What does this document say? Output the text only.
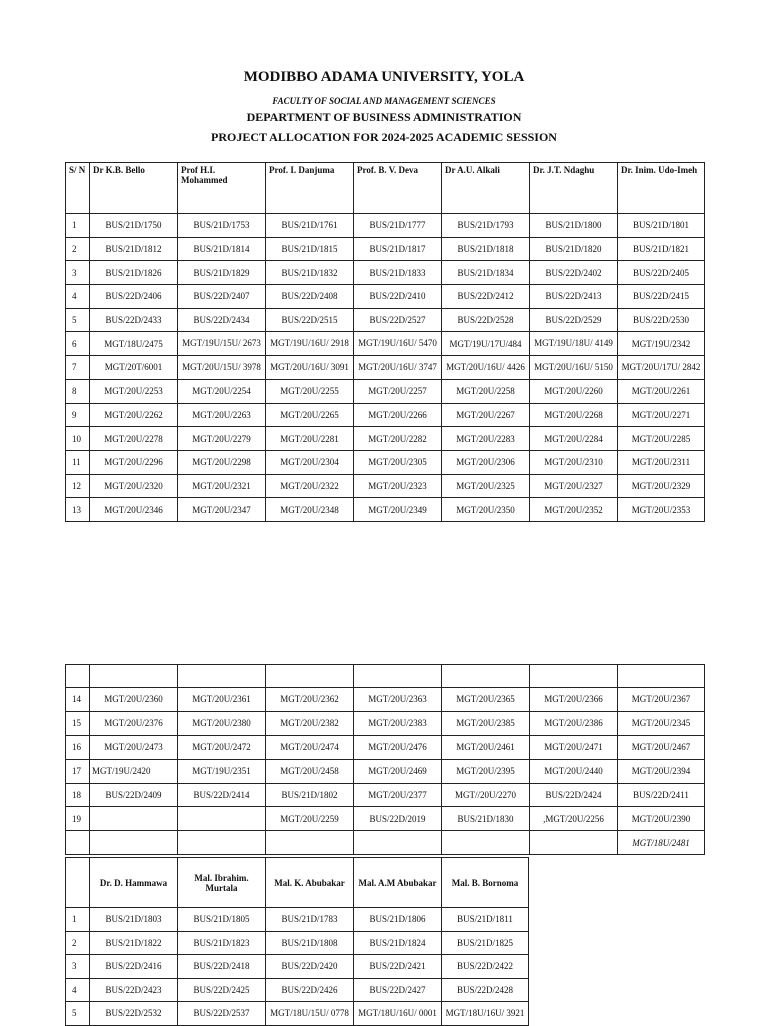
MODIBBO ADAMA UNIVERSITY, YOLA
FACULTY OF SOCIAL AND MANAGEMENT SCIENCES
DEPARTMENT OF BUSINESS ADMINISTRATION
PROJECT ALLOCATION FOR 2024-2025 ACADEMIC SESSION
S/ N	Dr K.B. Bello	Prof H.I. Mohammed	Prof. I. Danjuma	Prof. B. V. Deva	Dr A.U. Alkali	Dr. J.T. Ndaghu	Dr. Inim. Udo-Imeh
1	BUS/21D/1750	BUS/21D/1753	BUS/21D/1761	BUS/21D/1777	BUS/21D/1793	BUS/21D/1800	BUS/21D/1801
2	BUS/21D/1812	BUS/21D/1814	BUS/21D/1815	BUS/21D/1817	BUS/21D/1818	BUS/21D/1820	BUS/21D/1821
3	BUS/21D/1826	BUS/21D/1829	BUS/21D/1832	BUS/21D/1833	BUS/21D/1834	BUS/22D/2402	BUS/22D/2405
4	BUS/22D/2406	BUS/22D/2407	BUS/22D/2408	BUS/22D/2410	BUS/22D/2412	BUS/22D/2413	BUS/22D/2415
5	BUS/22D/2433	BUS/22D/2434	BUS/22D/2515	BUS/22D/2527	BUS/22D/2528	BUS/22D/2529	BUS/22D/2530
6	MGT/18U/2475	MGT/19U/15U/ 2673	MGT/19U/16U/ 2918	MGT/19U/16U/ 5470	MGT/19U/17U/484	MGT/19U/18U/ 4149	MGT/19U/2342
7	MGT/20T/6001	MGT/20U/15U/ 3978	MGT/20U/16U/ 3091	MGT/20U/16U/ 3747	MGT/20U/16U/ 4426	MGT/20U/16U/ 5150	MGT/20U/17U/ 2842
8	MGT/20U/2253	MGT/20U/2254	MGT/20U/2255	MGT/20U/2257	MGT/20U/2258	MGT/20U/2260	MGT/20U/2261
9	MGT/20U/2262	MGT/20U/2263	MGT/20U/2265	MGT/20U/2266	MGT/20U/2267	MGT/20U/2268	MGT/20U/2271
10	MGT/20U/2278	MGT/20U/2279	MGT/20U/2281	MGT/20U/2282	MGT/20U/2283	MGT/20U/2284	MGT/20U/2285
11	MGT/20U/2296	MGT/20U/2298	MGT/20U/2304	MGT/20U/2305	MGT/20U/2306	MGT/20U/2310	MGT/20U/2311
12	MGT/20U/2320	MGT/20U/2321	MGT/20U/2322	MGT/20U/2323	MGT/20U/2325	MGT/20U/2327	MGT/20U/2329
13	MGT/20U/2346	MGT/20U/2347	MGT/20U/2348	MGT/20U/2349	MGT/20U/2350	MGT/20U/2352	MGT/20U/2353

14	MGT/20U/2360	MGT/20U/2361	MGT/20U/2362	MGT/20U/2363	MGT/20U/2365	MGT/20U/2366	MGT/20U/2367
15	MGT/20U/2376	MGT/20U/2380	MGT/20U/2382	MGT/20U/2383	MGT/20U/2385	MGT/20U/2386	MGT/20U/2345
16	MGT/20U/2473	MGT/20U/2472	MGT/20U/2474	MGT/20U/2476	MGT/20U/2461	MGT/20U/2471	MGT/20U/2467
17	MGT/19U/2420	MGT/19U/2351	MGT/20U/2458	MGT/20U/2469	MGT/20U/2395	MGT/20U/2440	MGT/20U/2394
18	BUS/22D/2409	BUS/22D/2414	BUS/21D/1802	MGT/20U/2377	MGT//20U/2270	BUS/22D/2424	BUS/22D/2411
19			MGT/20U/2259	BUS/22D/2019	BUS/21D/1830	,MGT/20U/2256	MGT/20U/2390
							MGT/18U/2481
	Dr. D. Hammawa	Mal. Ibrahim. Murtala	Mal. K. Abubakar	Mal. A.M Abubakar	Mal. B. Bornoma
1	BUS/21D/1803	BUS/21D/1805	BUS/21D/1783	BUS/21D/1806	BUS/21D/1811
2	BUS/21D/1822	BUS/21D/1823	BUS/21D/1808	BUS/21D/1824	BUS/21D/1825
3	BUS/22D/2416	BUS/22D/2418	BUS/22D/2420	BUS/22D/2421	BUS/22D/2422
4	BUS/22D/2423	BUS/22D/2425	BUS/22D/2426	BUS/22D/2427	BUS/22D/2428
5	BUS/22D/2532	BUS/22D/2537	MGT/18U/15U/ 0778	MGT/18U/16U/ 0001	MGT/18U/16U/ 3921
